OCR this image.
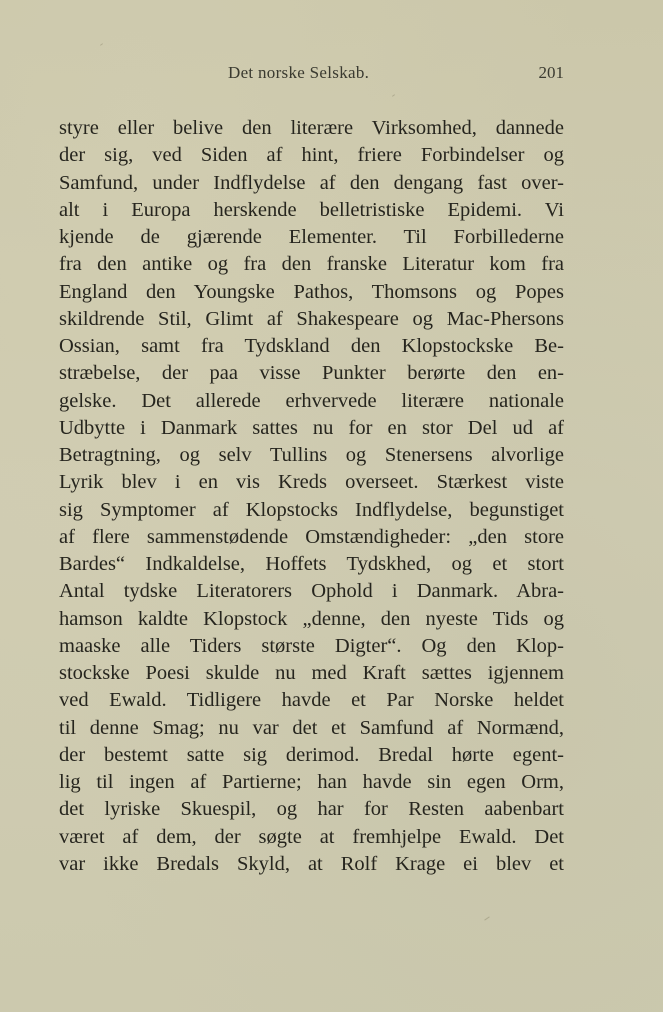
Det norske Selskab.	201
styre eller belive den literære Virksomhed, dannede
der sig, ved Siden af hint, friere Forbindelser og
Samfund, under Indflydelse af den dengang fast over-
alt i Europa herskende belletristiske Epidemi. Vi
kjende de gjærende Elementer. Til Forbillederne
fra den antike og fra den franske Literatur kom fra
England den Youngske Pathos, Thomsons og Popes
skildrende Stil, Glimt af Shakespeare og Mac-Phersons
Ossian, samt fra Tydskland den Klopstockske Be-
stræbelse, der paa visse Punkter berørte den en-
gelske. Det allerede erhvervede literære nationale
Udbytte i Danmark sattes nu for en stor Del ud af
Betragtning, og selv Tullins og Stenersens alvorlige
Lyrik blev i en vis Kreds overseet. Stærkest viste
sig Symptomer af Klopstocks Indflydelse, begunstiget
af flere sammenstødende Omstændigheder: „den store
Bardes“ Indkaldelse, Hoffets Tydskhed, og et stort
Antal tydske Literatorers Ophold i Danmark. Abra-
hamson kaldte Klopstock „denne, den nyeste Tids og
maaske alle Tiders største Digter“. Og den Klop-
stockske Poesi skulde nu med Kraft sættes igjennem
ved Ewald. Tidligere havde et Par Norske heldet
til denne Smag; nu var det et Samfund af Normænd,
der bestemt satte sig derimod. Bredal hørte egent-
lig til ingen af Partierne; han havde sin egen Orm,
det lyriske Skuespil, og har for Resten aabenbart
været af dem, der søgte at fremhjelpe Ewald. Det
var ikke Bredals Skyld, at Rolf Krage ei blev et
